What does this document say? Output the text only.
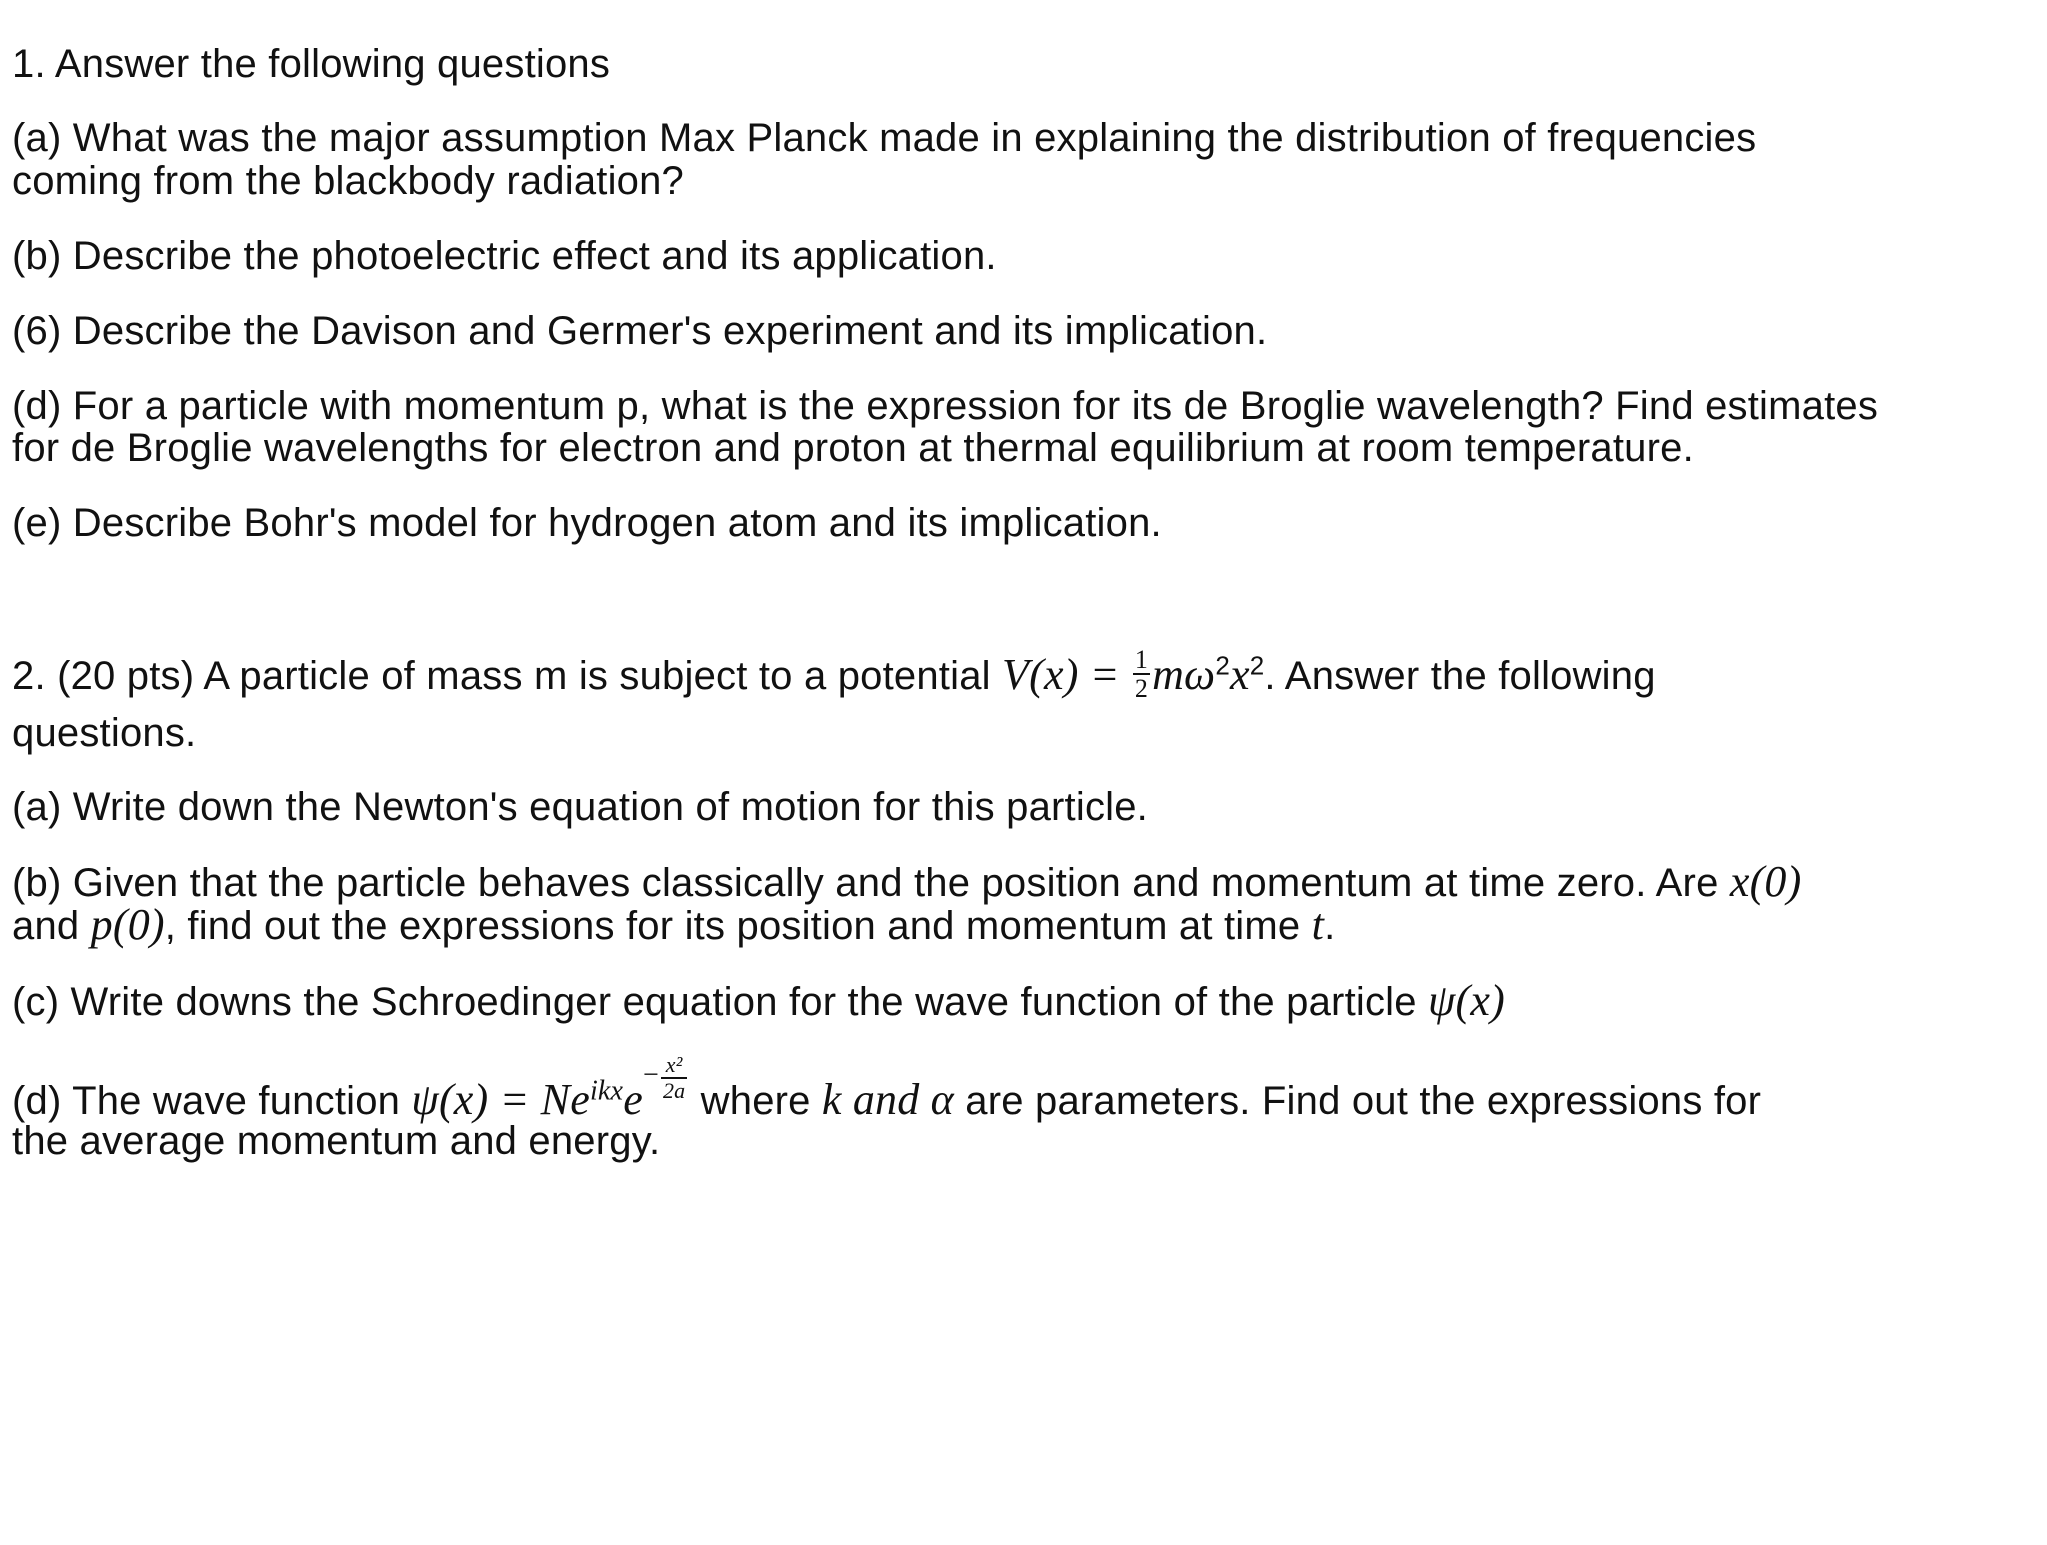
1. Answer the following questions
(a) What was the major assumption Max Planck made in explaining the distribution of frequencies
coming from the blackbody radiation?
(b) Describe the photoelectric effect and its application.
(6) Describe the Davison and Germer's experiment and its implication.
(d) For a particle with momentum p, what is the expression for its de Broglie wavelength? Find estimates
for de Broglie wavelengths for electron and proton at thermal equilibrium at room temperature.
(e) Describe Bohr's model for hydrogen atom and its implication.
2. (20 pts) A particle of mass m is subject to a potential $V(x) = \frac{1}{2} m\omega^2x^2$. Answer the following
questions.
(a) Write down the Newton's equation of motion for this particle.
(b) Given that the particle behaves classically and the position and momentum at time zero. Are x(0)
and p(0), find out the expressions for its position and momentum at time t.
(c) Write downs the Schroedinger equation for the wave function of the particle ψ(x)
(d) The wave function $\psi(x) = Ne^{ikx}e- \frac{\text{x²}}{2a}$ where k and α are parameters. Find out the expressions for
the average momentum and energy.
